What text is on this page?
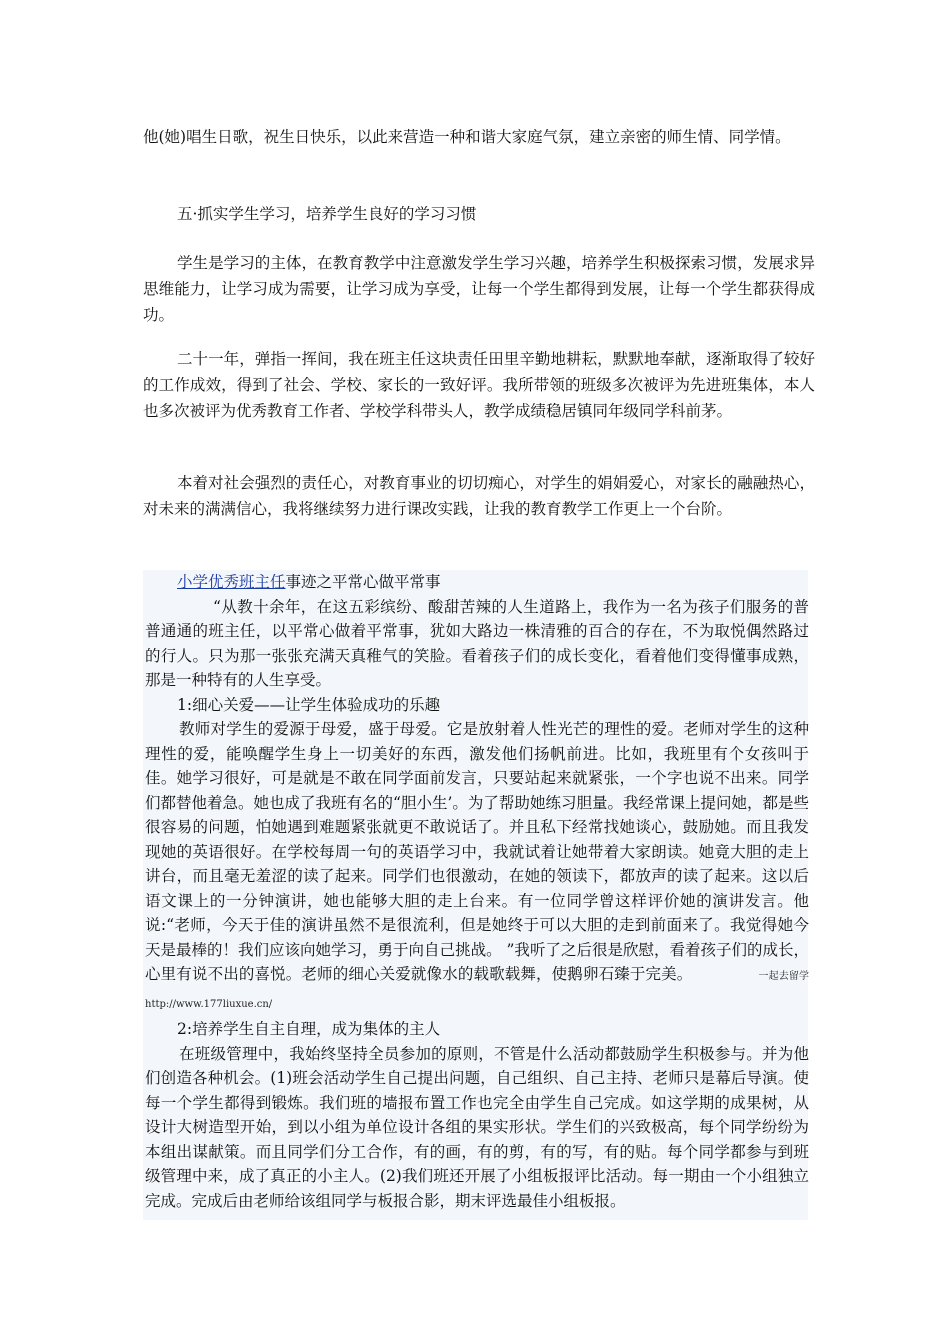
他(她)唱生日歌，祝生日快乐，以此来营造一种和谐大家庭气氛，建立亲密的师生情、同学情。

五·抓实学生学习，培养学生良好的学习习惯

学生是学习的主体，在教育教学中注意激发学生学习兴趣，培养学生积极探索习惯，发展求异思维能力，让学习成为需要，让学习成为享受，让每一个学生都得到发展，让每一个学生都获得成功。

二十一年，弹指一挥间，我在班主任这块责任田里辛勤地耕耘，默默地奉献，逐渐取得了较好的工作成效，得到了社会、学校、家长的一致好评。我所带领的班级多次被评为先进班集体，本人也多次被评为优秀教育工作者、学校学科带头人，教学成绩稳居镇同年级同学科前茅。

本着对社会强烈的责任心，对教育事业的切切痴心，对学生的娟娟爱心，对家长的融融热心，对未来的满满信心，我将继续努力进行课改实践，让我的教育教学工作更上一个台阶。

小学优秀班主任事迹之平常心做平常事

“从教十余年，在这五彩缤纷、酸甜苦辣的人生道路上，我作为一名为孩子们服务的普普通通的班主任，以平常心做着平常事，犹如大路边一株清雅的百合的存在，不为取悦偶然路过的行人。只为那一张张充满天真稚气的笑脸。看着孩子们的成长变化，看着他们变得懂事成熟，那是一种特有的人生享受。

1:细心关爱——让学生体验成功的乐趣

教师对学生的爱源于母爱，盛于母爱。它是放射着人性光芒的理性的爱。老师对学生的这种理性的爱，能唤醒学生身上一切美好的东西，激发他们扬帆前进。比如，我班里有个女孩叫于佳。她学习很好，可是就是不敢在同学面前发言，只要站起来就紧张，一个字也说不出来。同学们都替他着急。她也成了我班有名的“胆小生’。为了帮助她练习胆量。我经常课上提问她，都是些很容易的问题，怕她遇到难题紧张就更不敢说话了。并且私下经常找她谈心，鼓励她。而且我发现她的英语很好。在学校每周一句的英语学习中，我就试着让她带着大家朗读。她竟大胆的走上讲台，而且毫无羞涩的读了起来。同学们也很激动，在她的领读下，都放声的读了起来。这以后语文课上的一分钟演讲，她也能够大胆的走上台来。有一位同学曾这样评价她的演讲发言。他说:“老师，今天于佳的演讲虽然不是很流利，但是她终于可以大胆的走到前面来了。我觉得她今天是最棒的！我们应该向她学习，勇于向自己挑战。 ”我听了之后很是欣慰，看着孩子们的成长，心里有说不出的喜悦。老师的细心关爱就像水的载歌载舞，使鹅卵石臻于完美。	一起去留学 http://www.177liuxue.cn/

2:培养学生自主自理，成为集体的主人

在班级管理中，我始终坚持全员参加的原则，不管是什么活动都鼓励学生积极参与。并为他们创造各种机会。(1)班会活动学生自己提出问题，自己组织、自己主持、老师只是幕后导演。使每一个学生都得到锻炼。我们班的墙报布置工作也完全由学生自己完成。如这学期的成果树，从设计大树造型开始，到以小组为单位设计各组的果实形状。学生们的兴致极高，每个同学纷纷为本组出谋献策。而且同学们分工合作，有的画，有的剪，有的写，有的贴。每个同学都参与到班级管理中来，成了真正的小主人。(2)我们班还开展了小组板报评比活动。每一期由一个小组独立完成。完成后由老师给该组同学与板报合影，期末评选最佳小组板报。
